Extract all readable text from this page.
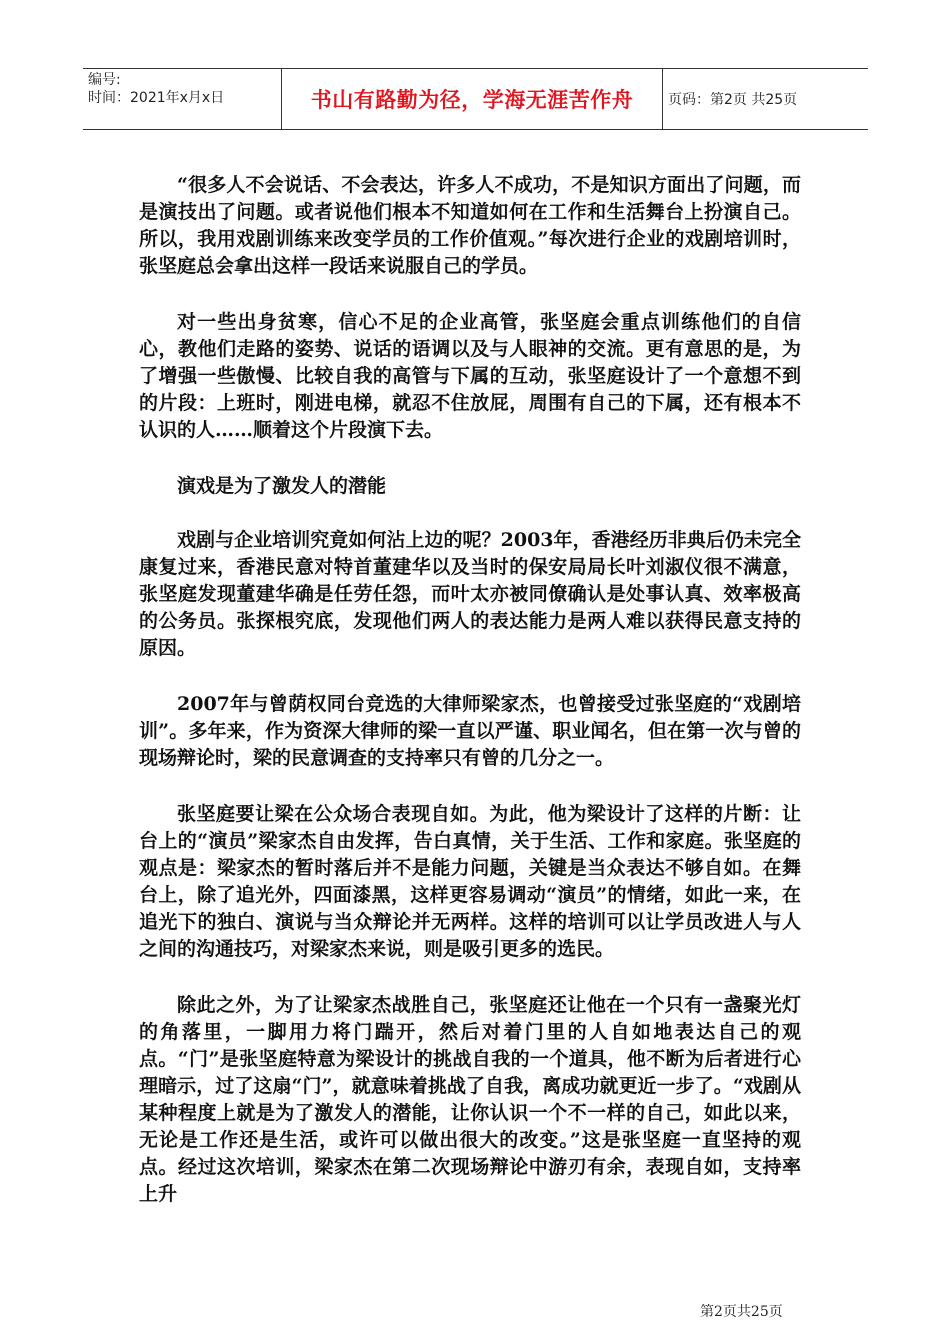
编号:
时间：2021年x月x日	书山有路勤为径，学海无涯苦作舟 页码：第2页 共25页

“很多人不会说话、不会表达，许多人不成功，不是知识方面出了问题，而是演技出了问题。或者说他们根本不知道如何在工作和生活舞台上扮演自己。所以，我用戏剧训练来改变学员的工作价值观。”每次进行企业的戏剧培训时，张坚庭总会拿出这样一段话来说服自己的学员。

对一些出身贫寒，信心不足的企业高管，张坚庭会重点训练他们的自信心，教他们走路的姿势、说话的语调以及与人眼神的交流。更有意思的是，为了增强一些傲慢、比较自我的高管与下属的互动，张坚庭设计了一个意想不到的片段：上班时，刚进电梯，就忍不住放屁，周围有自己的下属，还有根本不认识的人……顺着这个片段演下去。

演戏是为了激发人的潜能

戏剧与企业培训究竟如何沾上边的呢？2003年，香港经历非典后仍未完全康复过来，香港民意对特首董建华以及当时的保安局局长叶刘淑仪很不满意，张坚庭发现董建华确是任劳任怨，而叶太亦被同僚确认是处事认真、效率极高的公务员。张探根究底，发现他们两人的表达能力是两人难以获得民意支持的原因。

2007年与曾荫权同台竞选的大律师梁家杰，也曾接受过张坚庭的“戏剧培训”。多年来，作为资深大律师的梁一直以严谨、职业闻名，但在第一次与曾的现场辩论时，梁的民意调查的支持率只有曾的几分之一。

张坚庭要让梁在公众场合表现自如。为此，他为梁设计了这样的片断：让台上的“演员”梁家杰自由发挥，告白真情，关于生活、工作和家庭。张坚庭的观点是：梁家杰的暂时落后并不是能力问题，关键是当众表达不够自如。在舞台上，除了追光外，四面漆黑，这样更容易调动“演员”的情绪，如此一来，在追光下的独白、演说与当众辩论并无两样。这样的培训可以让学员改进人与人之间的沟通技巧，对梁家杰来说，则是吸引更多的选民。

除此之外，为了让梁家杰战胜自己，张坚庭还让他在一个只有一盏聚光灯的角落里，一脚用力将门踹开，然后对着门里的人自如地表达自己的观点。“门”是张坚庭特意为梁设计的挑战自我的一个道具，他不断为后者进行心理暗示，过了这扇“门”，就意味着挑战了自我，离成功就更近一步了。“戏剧从某种程度上就是为了激发人的潜能，让你认识一个不一样的自己，如此以来，无论是工作还是生活，或许可以做出很大的改变。”这是张坚庭一直坚持的观点。经过这次培训，梁家杰在第二次现场辩论中游刃有余，表现自如，支持率上升

第2页共25页
